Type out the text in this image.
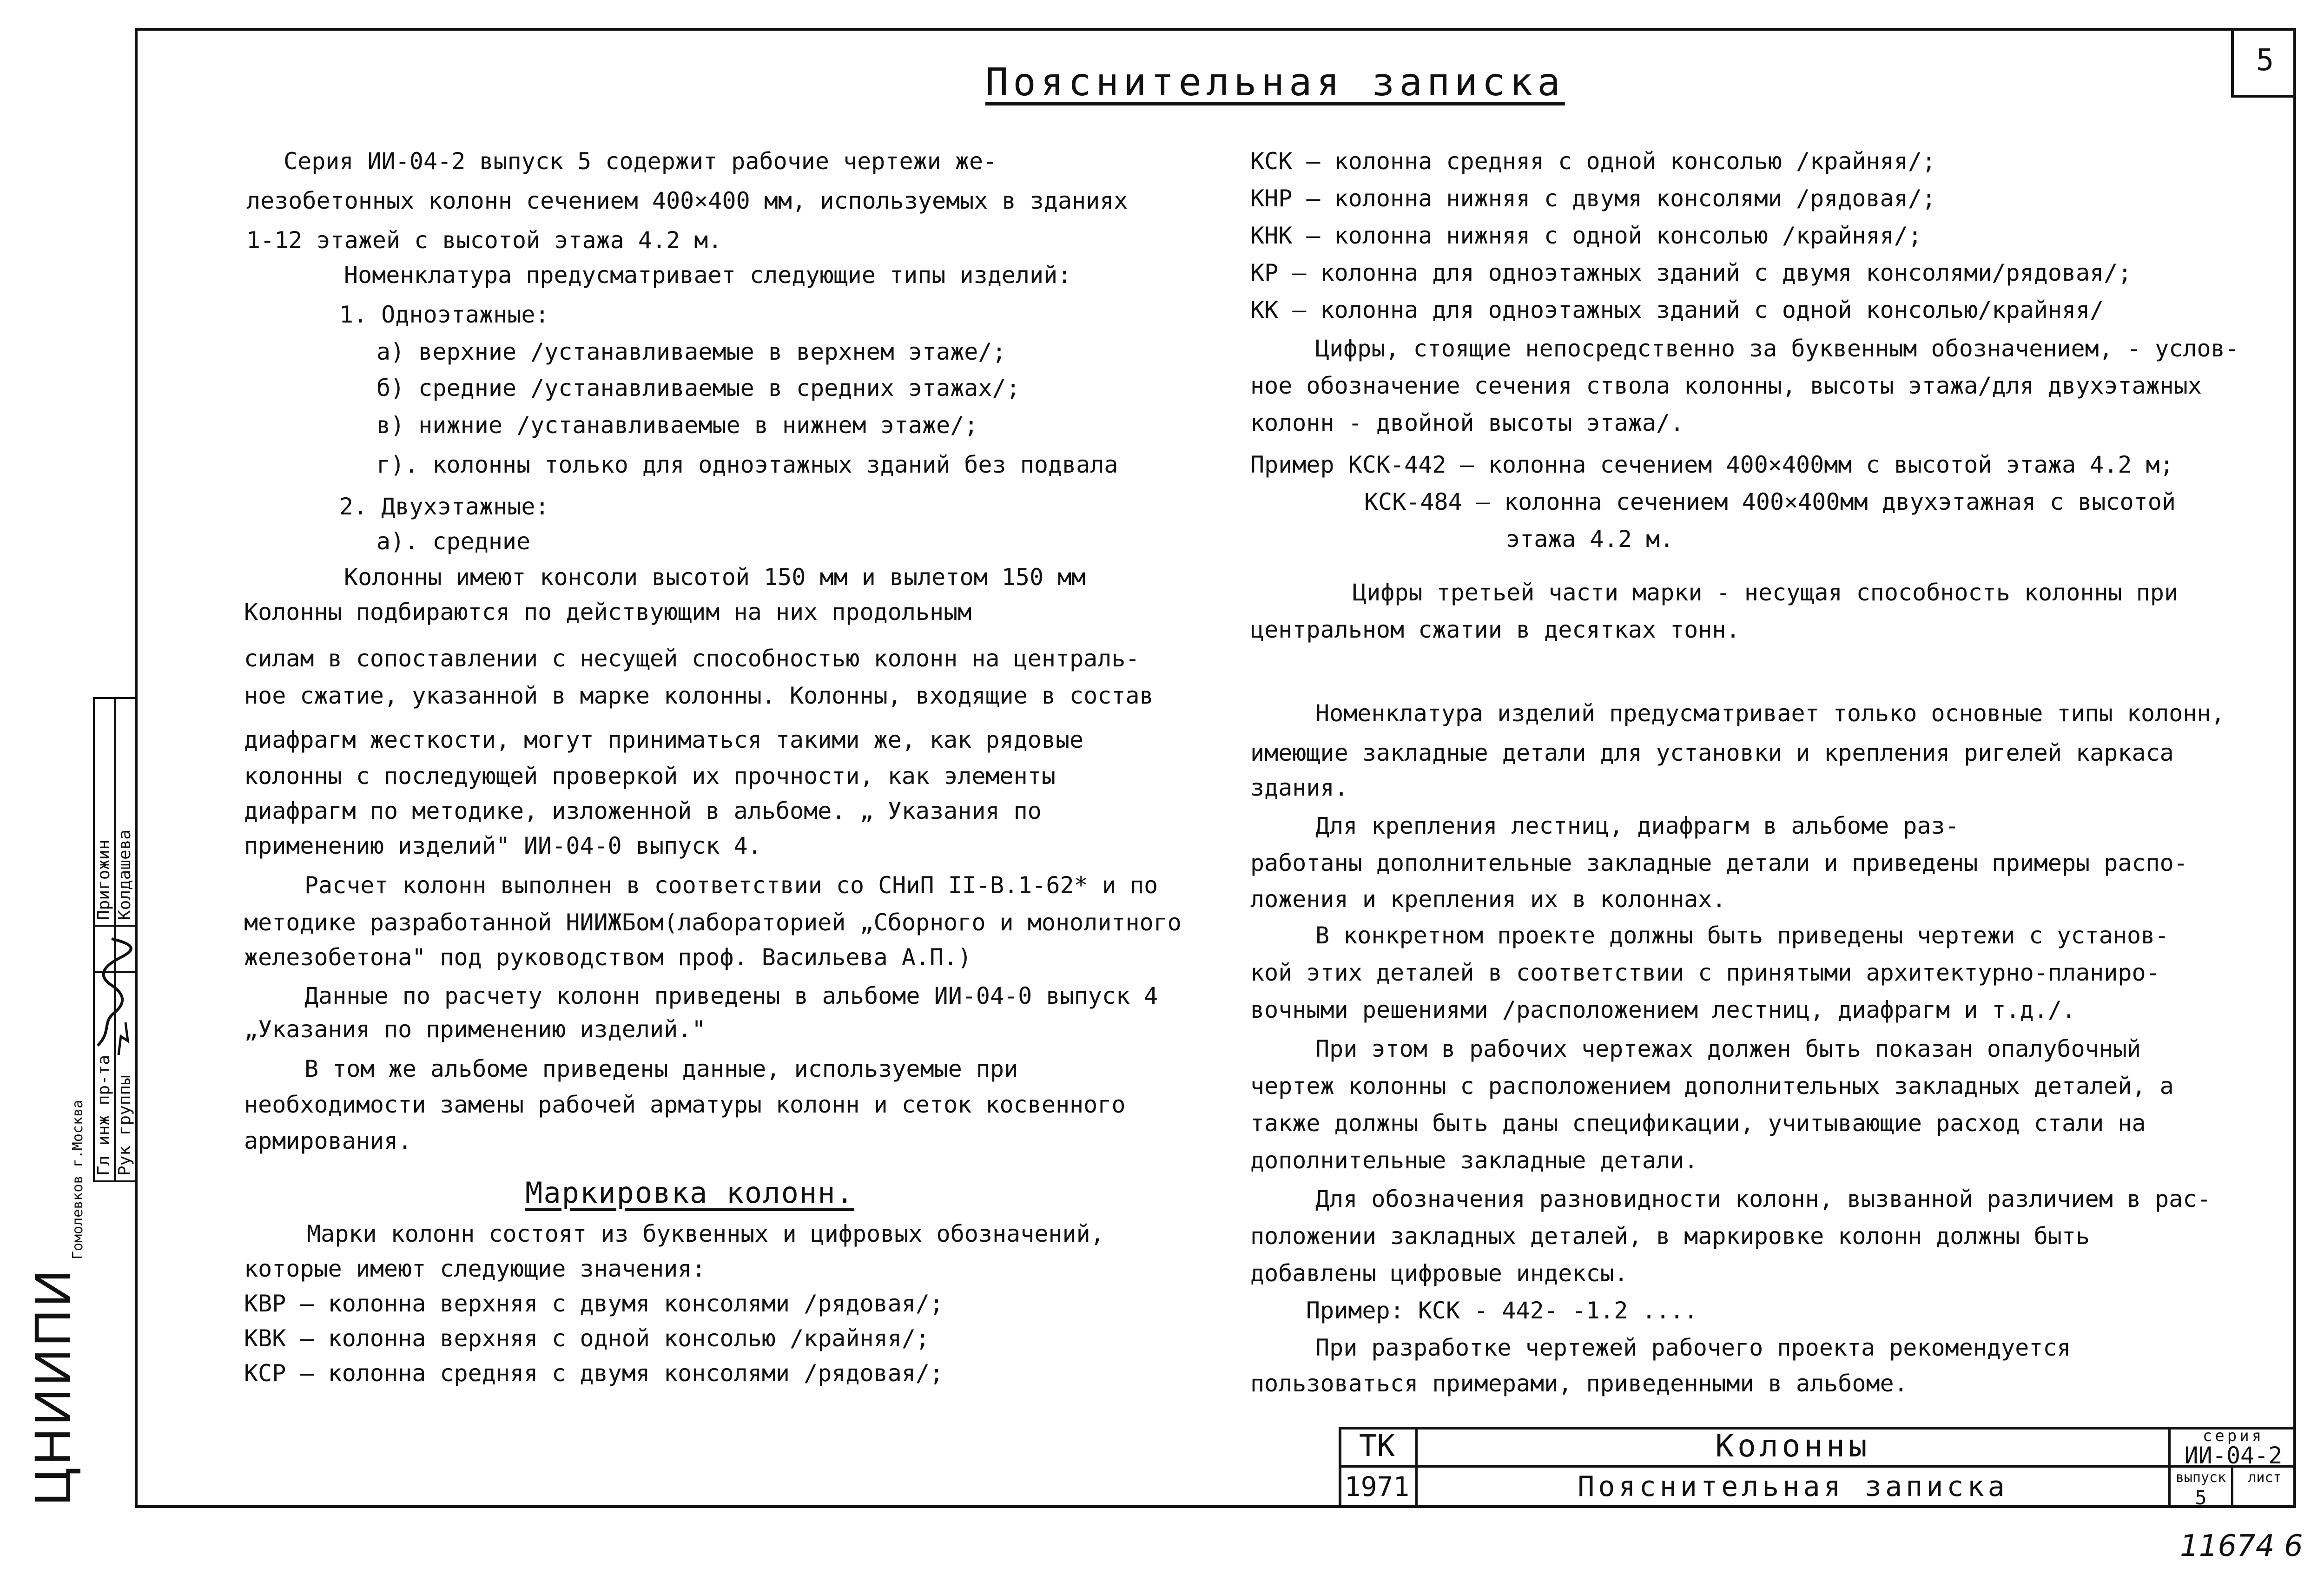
5
Пояснительная записка
Серия ИИ-04-2 выпуск 5 содержит рабочие чертежи же-
лезобетонных колонн сечением 400×400 мм, используемых в зданиях
1-12 этажей с высотой этажа 4.2 м.
Номенклатура предусматривает следующие типы изделий:
1. Одноэтажные:
а) верхние /устанавливаемые в верхнем этаже/;
б) средние /устанавливаемые в средних этажах/;
в) нижние /устанавливаемые в нижнем этаже/;
г). колонны только для одноэтажных зданий без подвала
2. Двухэтажные:
а). средние
Колонны имеют консоли высотой 150 мм и вылетом 150 мм
Колонны подбираются по действующим на них продольным
силам в сопоставлении с несущей способностью колонн на централь-
ное сжатие, указанной в марке колонны. Колонны, входящие в состав
диафрагм жесткости, могут приниматься такими же, как рядовые
колонны с последующей проверкой их прочности, как элементы
диафрагм по методике, изложенной в альбоме. „ Указания по
применению изделий" ИИ-04-0 выпуск 4.
Расчет колонн выполнен в соответствии со СНиП II-В.1-62* и по
методике разработанной НИИЖБом(лабораторией „Сборного и монолитного
железобетона" под руководством проф. Васильева А.П.)
Данные по расчету колонн приведены в альбоме ИИ-04-0 выпуск 4
„Указания по применению изделий."
В том же альбоме приведены данные, используемые при
необходимости замены рабочей арматуры колонн и сеток косвенного
армирования.
Маркировка колонн.
Марки колонн состоят из буквенных и цифровых обозначений,
которые имеют следующие значения:
КВР – колонна верхняя с двумя консолями /рядовая/;
КВК – колонна верхняя с одной консолью /крайняя/;
КСР – колонна средняя с двумя консолями /рядовая/;
КСК – колонна средняя с одной консолью /крайняя/;
КНР – колонна нижняя с двумя консолями /рядовая/;
КНК – колонна нижняя с одной консолью /крайняя/;
КР – колонна для одноэтажных зданий с двумя консолями/рядовая/;
КК – колонна для одноэтажных зданий с одной консолью/крайняя/
Цифры, стоящие непосредственно за буквенным обозначением, - услов-
ное обозначение сечения ствола колонны, высоты этажа/для двухэтажных
колонн - двойной высоты этажа/.
Пример КСК-442 – колонна сечением 400×400мм с высотой этажа 4.2 м;
КСК-484 – колонна сечением 400×400мм двухэтажная с высотой
этажа 4.2 м.
Цифры третьей части марки - несущая способность колонны при
центральном сжатии в десятках тонн.
Номенклатура изделий предусматривает только основные типы колонн,
имеющие закладные детали для установки и крепления ригелей каркаса
здания.
Для крепления лестниц, диафрагм в альбоме раз-
работаны дополнительные закладные детали и приведены примеры распо-
ложения и крепления их в колоннах.
В конкретном проекте должны быть приведены чертежи с установ-
кой этих деталей в соответствии с принятыми архитектурно-планиро-
вочными решениями /расположением лестниц, диафрагм и т.д./.
При этом в рабочих чертежах должен быть показан опалубочный
чертеж колонны с расположением дополнительных закладных деталей, а
также должны быть даны спецификации, учитывающие расход стали на
дополнительные закладные детали.
Для обозначения разновидности колонн, вызванной различием в рас-
положении закладных деталей, в маркировке колонн должны быть
добавлены цифровые индексы.
Пример: КСК - 442- -1.2 ....
При разработке чертежей рабочего проекта рекомендуется
пользоваться примерами, приведенными в альбоме.
Пригожин Колдашева
Гл инж пр-та Рук группы
Гомолевков г.Москва
ЦНИИПИ	ТК
1971
Колонны
Пояснительная записка
серия
ИИ-04-2
выпуск
5
лист
11674 6
